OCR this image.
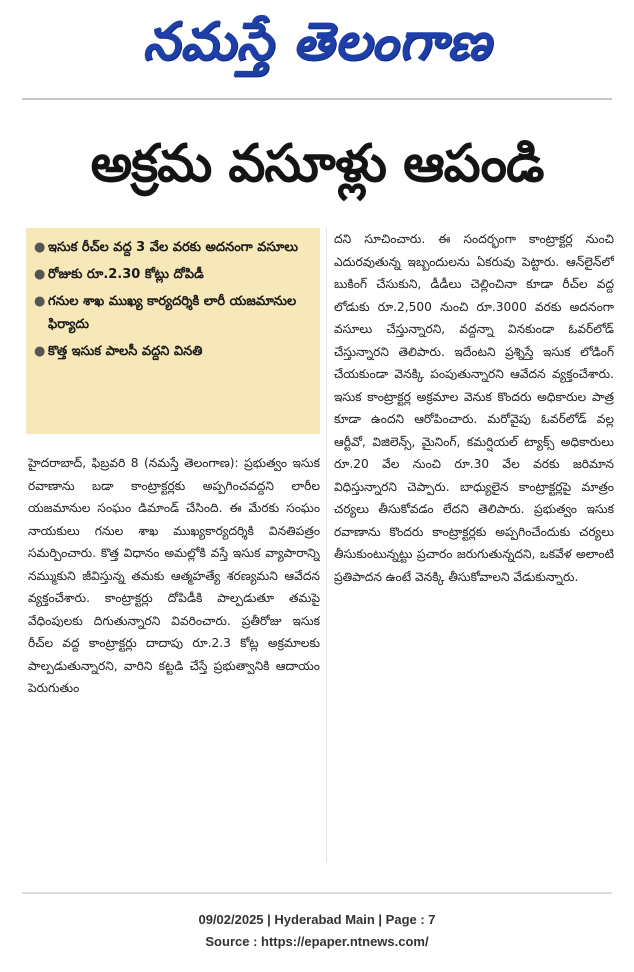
నమస్తే తెలంగాణ
అక్రమ వసూళ్లు ఆపండి
● ఇసుక రీచ్‌ల వద్ద 3 వేల వరకు అదనంగా వసూలు
● రోజుకు రూ.2.30 కోట్లు దోపిడీ
● గనుల శాఖ ముఖ్య కార్యదర్శికి లారీ యజమానుల ఫిర్యాదు
● కొత్త ఇసుక పాలసీ వద్దని వినతి

హైదరాబాద్, ఫిబ్రవరి 8 (నమస్తే తెలంగాణ): ప్రభుత్వం ఇసుక రవాణాను బడా కాంట్రాక్టర్లకు అప్పగించవద్దని లారీల యజమానుల సంఘం డిమాండ్ చేసింది. ఈ మేరకు సంఘం నాయకులు గనుల శాఖ ముఖ్యకార్యదర్శికి వినతిపత్రం సమర్పించారు. కొత్త విధానం అమల్లోకి వస్తే ఇసుక వ్యాపారాన్ని నమ్ముకుని జీవిస్తున్న తమకు ఆత్మహత్యే శరణ్యమని ఆవేదన వ్యక్తంచేశారు. కాంట్రాక్టర్లు దోపిడీకి పాల్పడుతూ తమపై వేధింపులకు దిగుతున్నారని వివరించారు. ప్రతీరోజు ఇసుక రీచ్‌ల వద్ద కాంట్రాక్టర్లు దాదాపు రూ.2.3 కోట్ల అక్రమాలకు పాల్పడుతున్నారని, వారిని కట్టడి చేస్తే ప్రభుత్వానికి ఆదాయం పెరుగుతుం

దని సూచించారు. ఈ సందర్భంగా కాంట్రాక్టర్ల నుంచి ఎదురవుతున్న ఇబ్బందులను ఏకరువు పెట్టారు. ఆన్‌లైన్‌లో బుకింగ్ చేసుకుని, డీడీలు చెల్లించినా కూడా రీచ్‌ల వద్ద లోడుకు రూ.2,500 నుంచి రూ.3000 వరకు అదనంగా వసూలు చేస్తున్నారని, వద్దన్నా వినకుండా ఓవర్‌లోడ్ చేస్తున్నారని తెలిపారు. ఇదేంటని ప్రశ్నిస్తే ఇసుక లోడింగ్ చేయకుండా వెనక్కి పంపుతున్నారని ఆవేదన వ్యక్తంచేశారు. ఇసుక కాంట్రాక్టర్ల అక్రమాల వెనుక కొందరు అధికారుల పాత్ర కూడా ఉందని ఆరోపించారు. మరోవైపు ఓవర్‌లోడ్ వల్ల ఆర్టీవో, విజిలెన్స్, మైనింగ్, కమర్షియల్ ట్యాక్స్ అధికారులు రూ.20 వేల నుంచి రూ.30 వేల వరకు జరిమాన విధిస్తున్నారని చెప్పారు. బాధ్యులైన కాంట్రాక్టర్లపై మాత్రం చర్యలు తీసుకోవడం లేదని తెలిపారు. ప్రభుత్వం ఇసుక రవాణాను కొందరు కాంట్రాక్టర్లకు అప్పగించేందుకు చర్యలు తీసుకుంటున్నట్టు ప్రచారం జరుగుతున్నదని, ఒకవేళ అలాంటి ప్రతిపాదన ఉంటే వెనక్కి తీసుకోవాలని వేడుకున్నారు.

09/02/2025 | Hyderabad Main | Page : 7
Source : https://epaper.ntnews.com/
